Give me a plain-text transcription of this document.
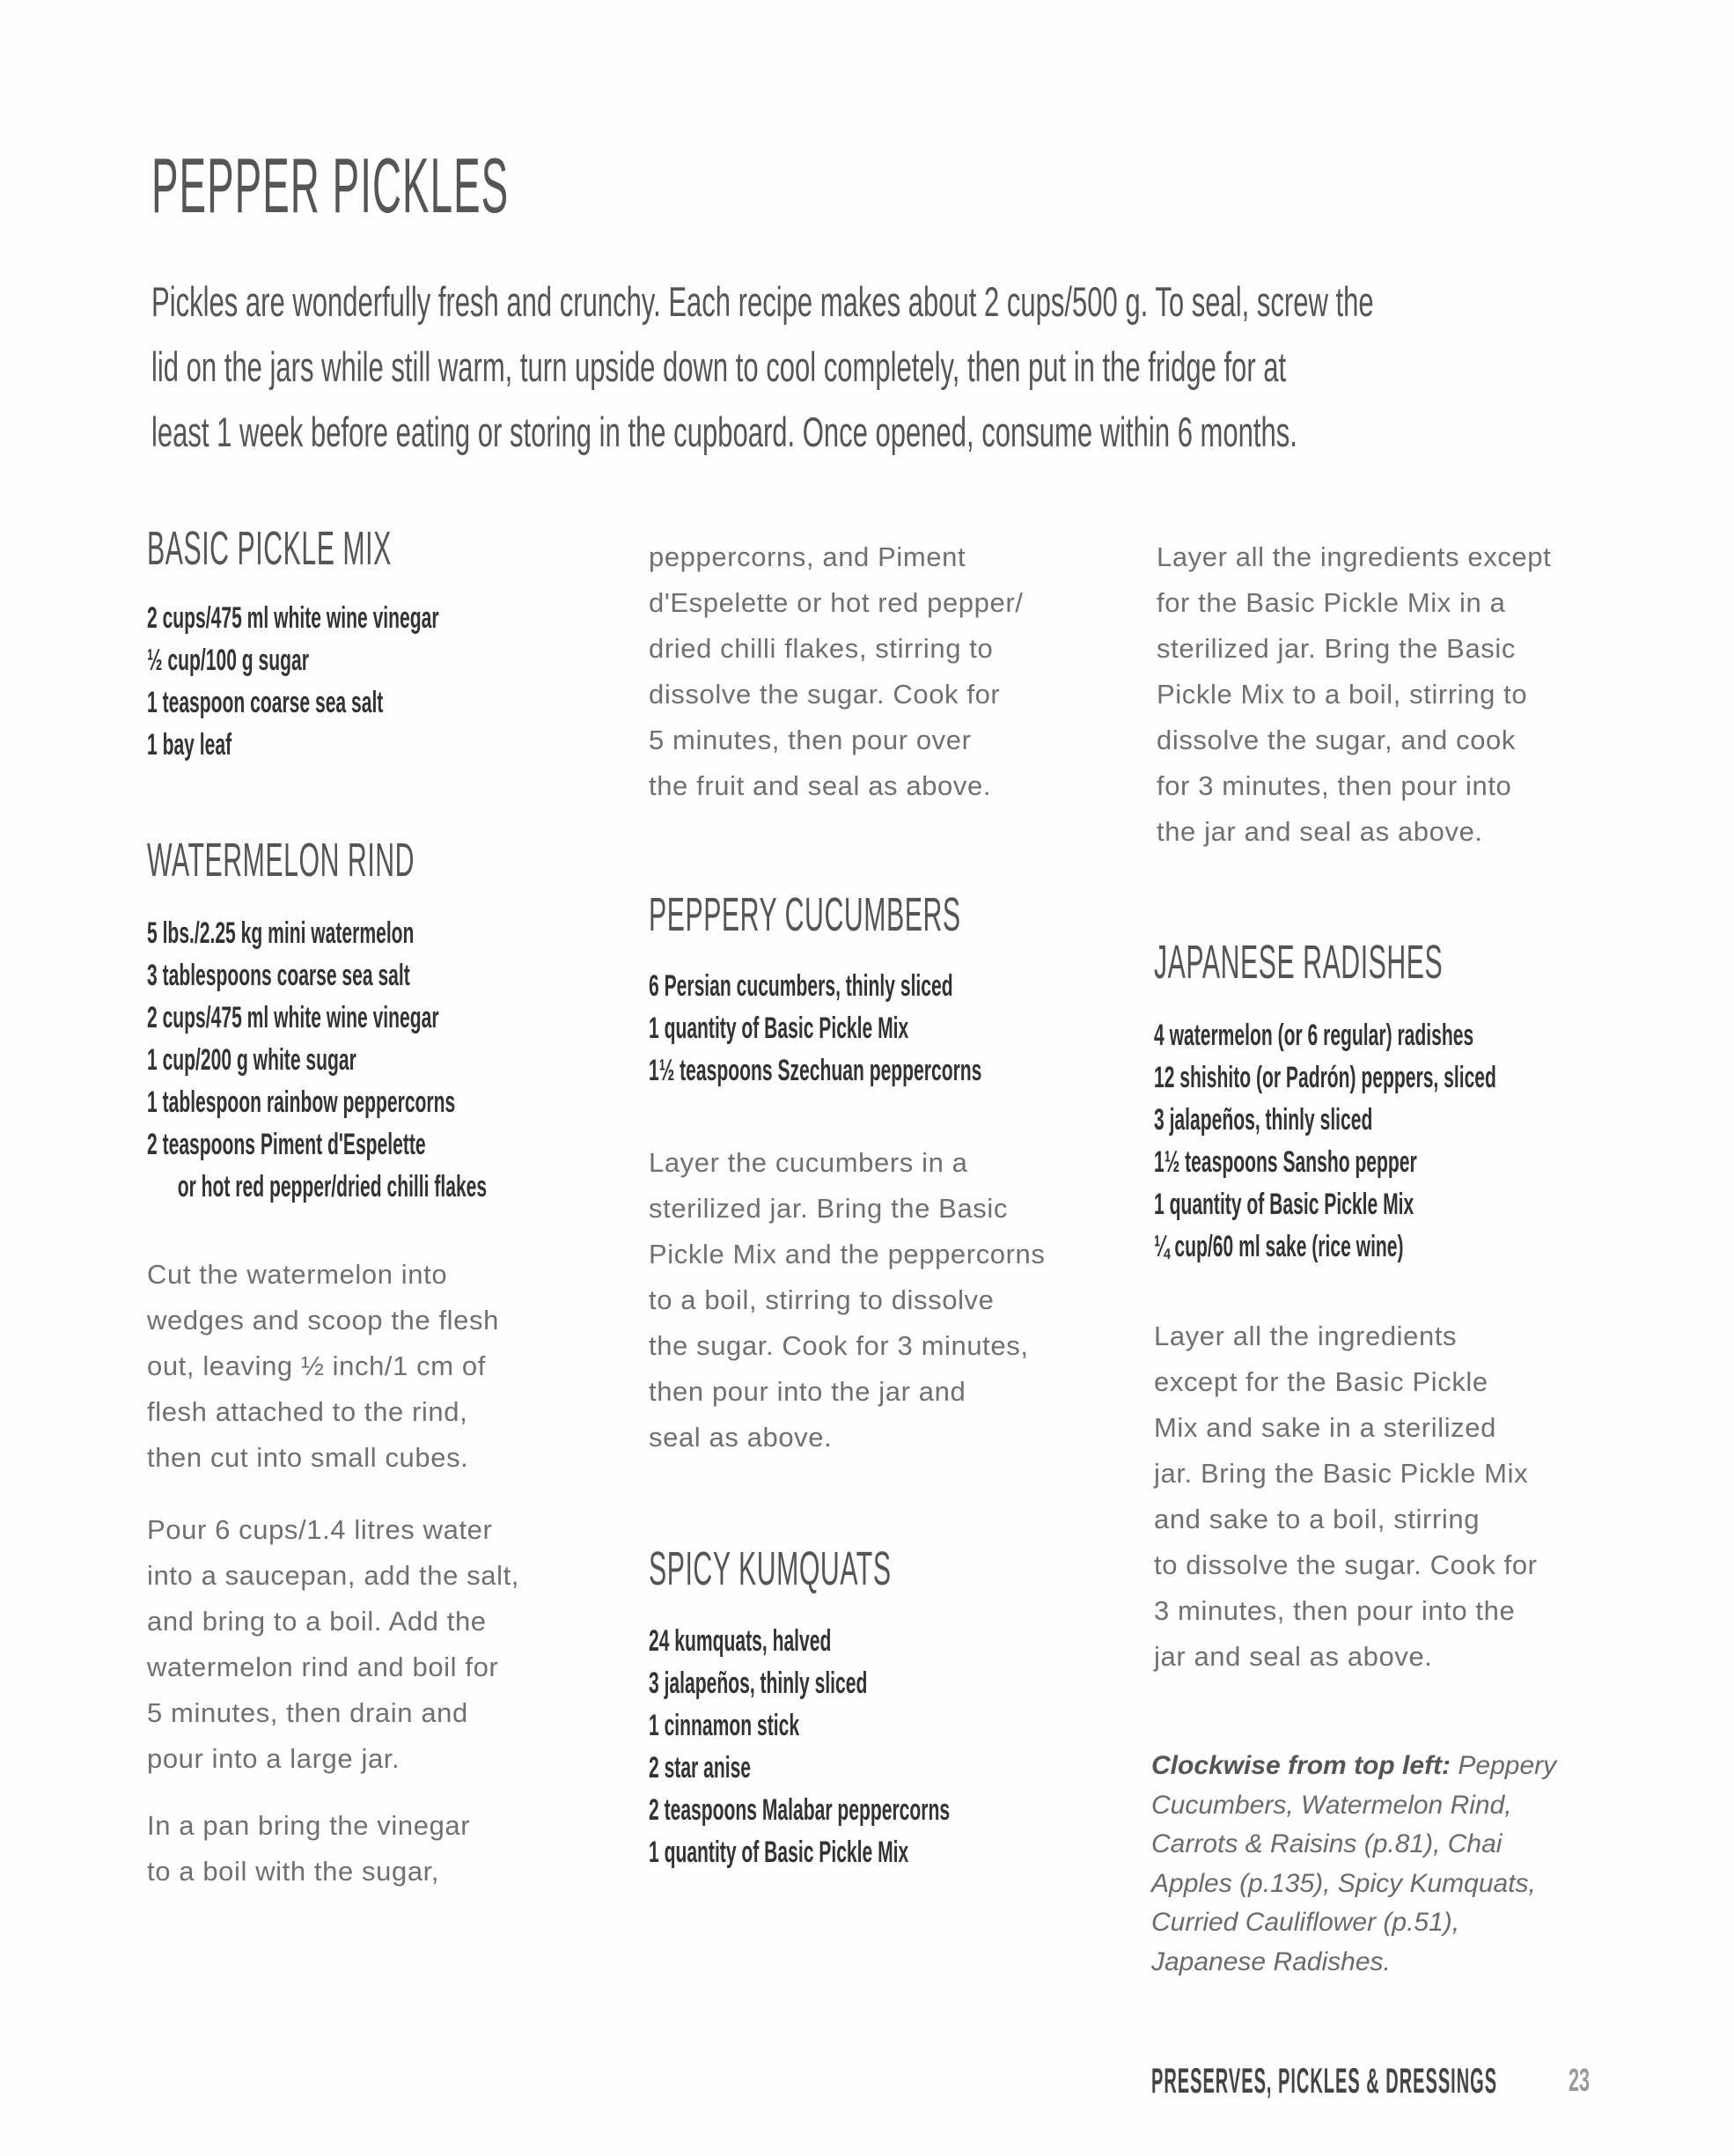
PEPPER PICKLES
Pickles are wonderfully fresh and crunchy. Each recipe makes about 2 cups/500 g. To seal, screw the
lid on the jars while still warm, turn upside down to cool completely, then put in the fridge for at
least 1 week before eating or storing in the cupboard. Once opened, consume within 6 months.
BASIC PICKLE MIX
2 cups/475 ml white wine vinegar
½ cup/100 g sugar
1 teaspoon coarse sea salt
1 bay leaf
WATERMELON RIND
5 lbs./2.25 kg mini watermelon
3 tablespoons coarse sea salt
2 cups/475 ml white wine vinegar
1 cup/200 g white sugar
1 tablespoon rainbow peppercorns
2 teaspoons Piment d'Espelette
or hot red pepper/dried chilli flakes
Cut the watermelon into
wedges and scoop the flesh
out, leaving ½ inch/1 cm of
flesh attached to the rind,
then cut into small cubes.
Pour 6 cups/1.4 litres water
into a saucepan, add the salt,
and bring to a boil. Add the
watermelon rind and boil for
5 minutes, then drain and
pour into a large jar.
In a pan bring the vinegar
to a boil with the sugar,
peppercorns, and Piment
d'Espelette or hot red pepper/
dried chilli flakes, stirring to
dissolve the sugar. Cook for
5 minutes, then pour over
the fruit and seal as above.
PEPPERY CUCUMBERS
6 Persian cucumbers, thinly sliced
1 quantity of Basic Pickle Mix
1½ teaspoons Szechuan peppercorns
Layer the cucumbers in a
sterilized jar. Bring the Basic
Pickle Mix and the peppercorns
to a boil, stirring to dissolve
the sugar. Cook for 3 minutes,
then pour into the jar and
seal as above.
SPICY KUMQUATS
24 kumquats, halved
3 jalapeños, thinly sliced
1 cinnamon stick
2 star anise
2 teaspoons Malabar peppercorns
1 quantity of Basic Pickle Mix
Layer all the ingredients except
for the Basic Pickle Mix in a
sterilized jar. Bring the Basic
Pickle Mix to a boil, stirring to
dissolve the sugar, and cook
for 3 minutes, then pour into
the jar and seal as above.
JAPANESE RADISHES
4 watermelon (or 6 regular) radishes
12 shishito (or Padrón) peppers, sliced
3 jalapeños, thinly sliced
1½ teaspoons Sansho pepper
1 quantity of Basic Pickle Mix
¼ cup/60 ml sake (rice wine)
Layer all the ingredients
except for the Basic Pickle
Mix and sake in a sterilized
jar. Bring the Basic Pickle Mix
and sake to a boil, stirring
to dissolve the sugar. Cook for
3 minutes, then pour into the
jar and seal as above.
Clockwise from top left: Peppery
Cucumbers, Watermelon Rind,
Carrots & Raisins (p.81), Chai
Apples (p.135), Spicy Kumquats,
Curried Cauliflower (p.51),
Japanese Radishes.
PRESERVES, PICKLES & DRESSINGS 23
